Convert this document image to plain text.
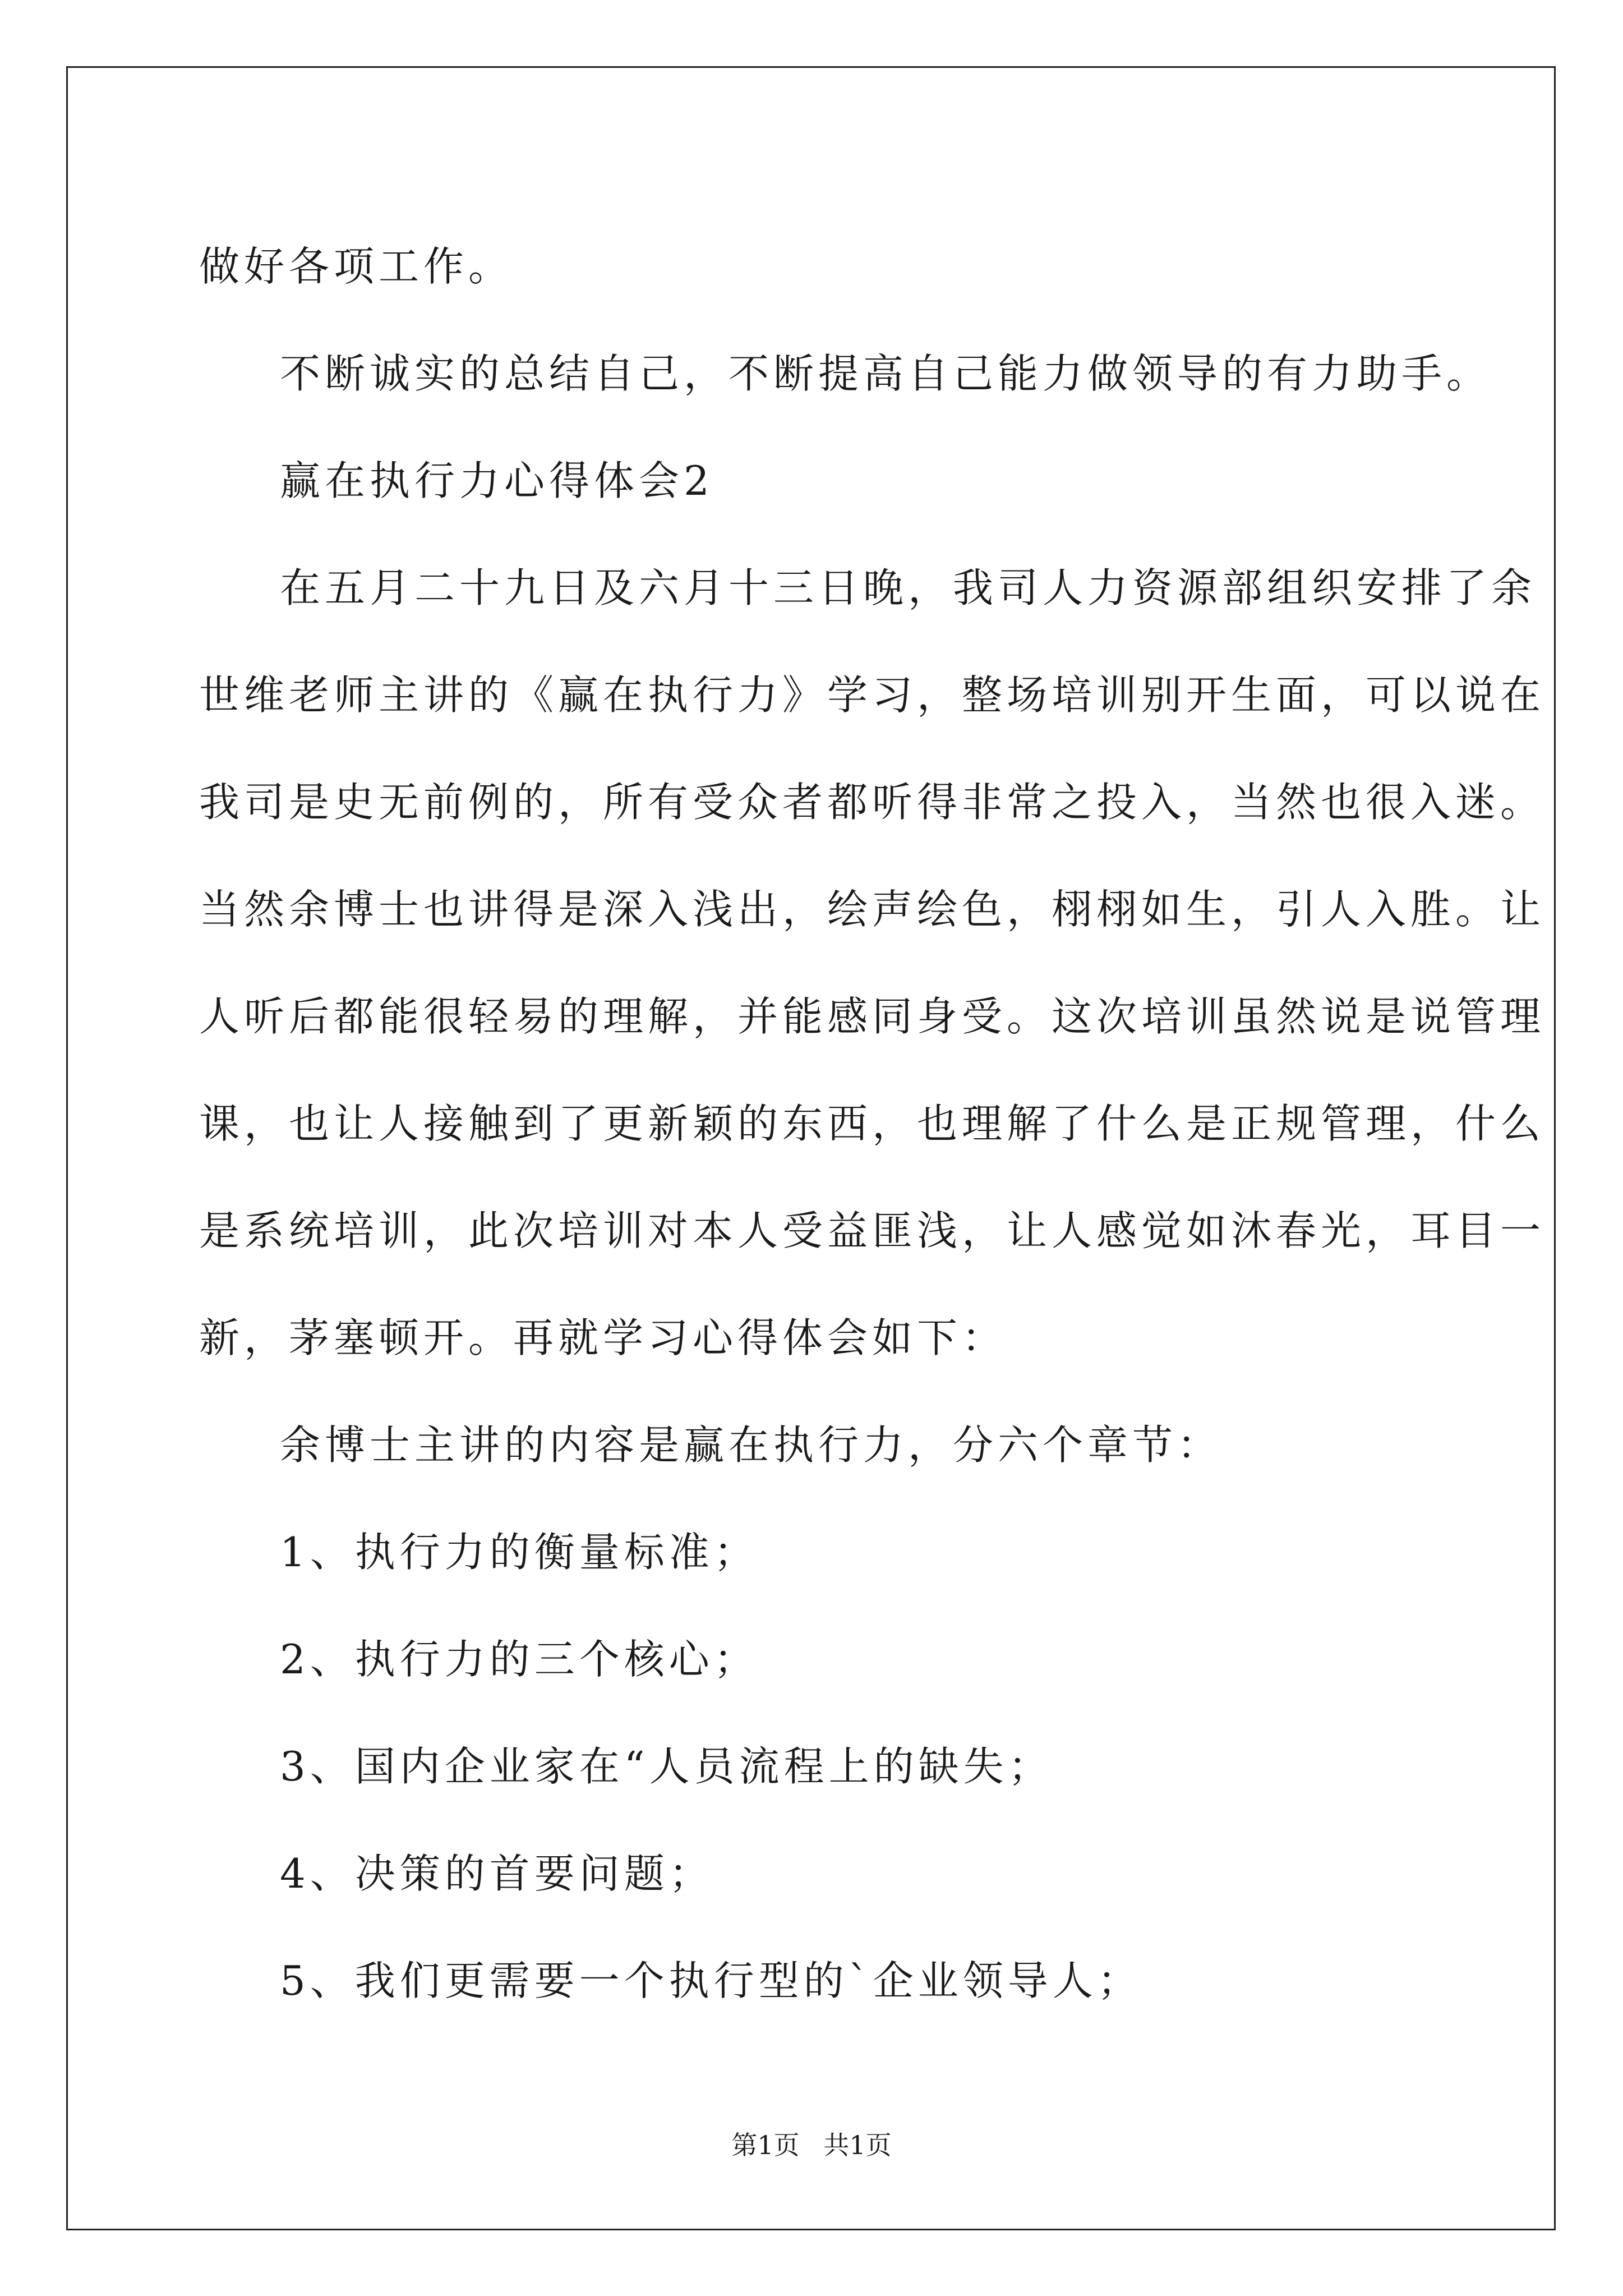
做好各项工作。

不断诚实的总结自己，不断提高自己能力做领导的有力助手。

赢在执行力心得体会2

在五月二十九日及六月十三日晚，我司人力资源部组织安排了余
世维老师主讲的《赢在执行力》学习，整场培训别开生面，可以说在
我司是史无前例的，所有受众者都听得非常之投入，当然也很入迷。
当然余博士也讲得是深入浅出，绘声绘色，栩栩如生，引人入胜。让
人听后都能很轻易的理解，并能感同身受。这次培训虽然说是说管理
课，也让人接触到了更新颖的东西，也理解了什么是正规管理，什么
是系统培训，此次培训对本人受益匪浅，让人感觉如沐春光，耳目一
新，茅塞顿开。再就学习心得体会如下：

余博士主讲的内容是赢在执行力，分六个章节：

1、执行力的衡量标准；

2、执行力的三个核心；

3、国内企业家在“人员流程上的缺失；

4、决策的首要问题；

5、我们更需要一个执行型的`企业领导人；

第1页 共1页
